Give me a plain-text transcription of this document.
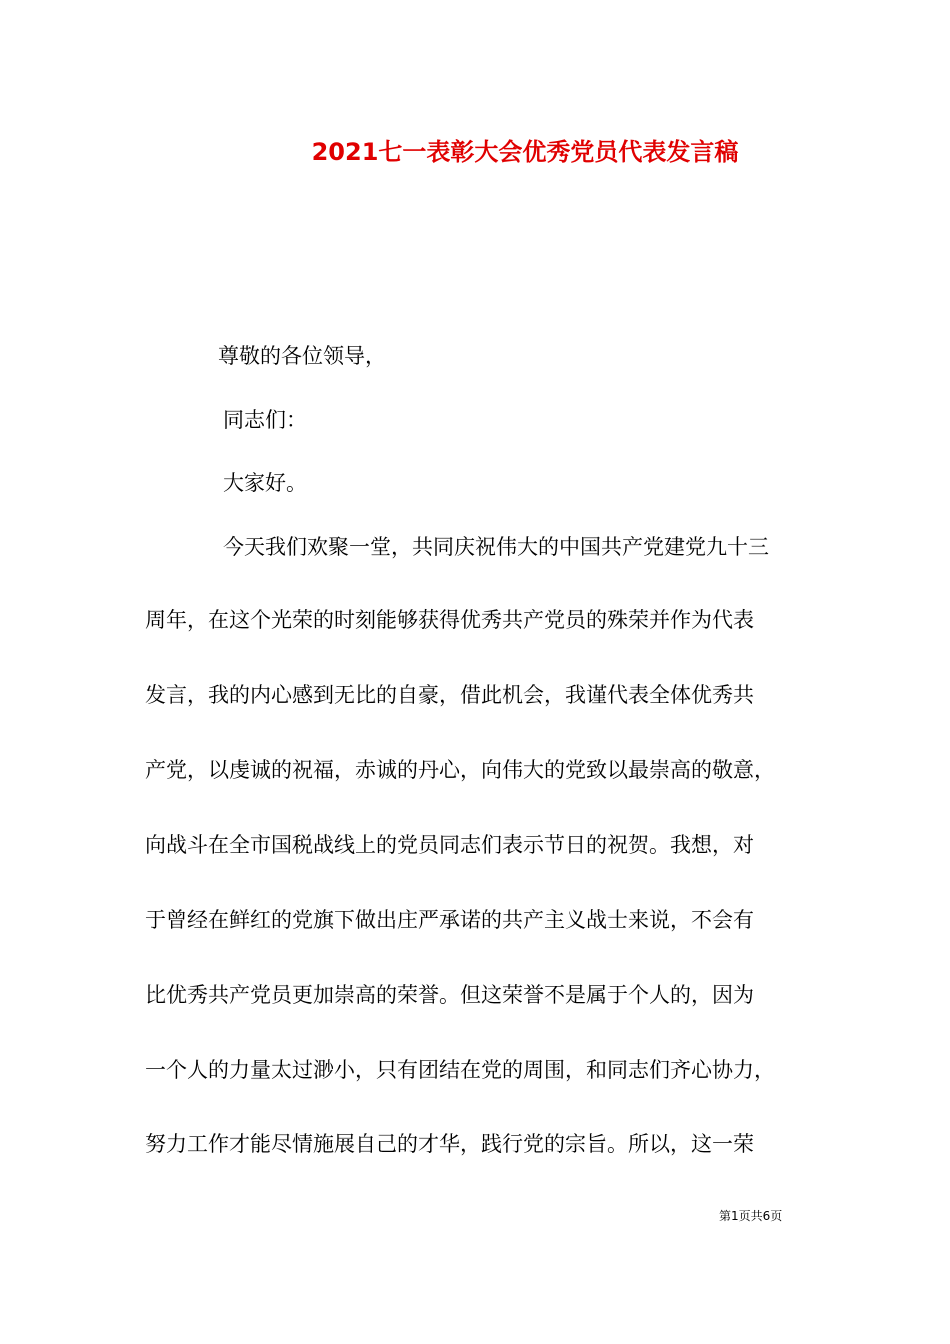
2021七一表彰大会优秀党员代表发言稿
尊敬的各位领导，
同志们：
大家好。
今天我们欢聚一堂，共同庆祝伟大的中国共产党建党九十三
周年，在这个光荣的时刻能够获得优秀共产党员的殊荣并作为代表
发言，我的内心感到无比的自豪，借此机会，我谨代表全体优秀共
产党，以虔诚的祝福，赤诚的丹心，向伟大的党致以最崇高的敬意，
向战斗在全市国税战线上的党员同志们表示节日的祝贺。我想，对
于曾经在鲜红的党旗下做出庄严承诺的共产主义战士来说，不会有
比优秀共产党员更加崇高的荣誉。但这荣誉不是属于个人的，因为
一个人的力量太过渺小，只有团结在党的周围，和同志们齐心协力，
努力工作才能尽情施展自己的才华，践行党的宗旨。所以，这一荣
第1页共6页
